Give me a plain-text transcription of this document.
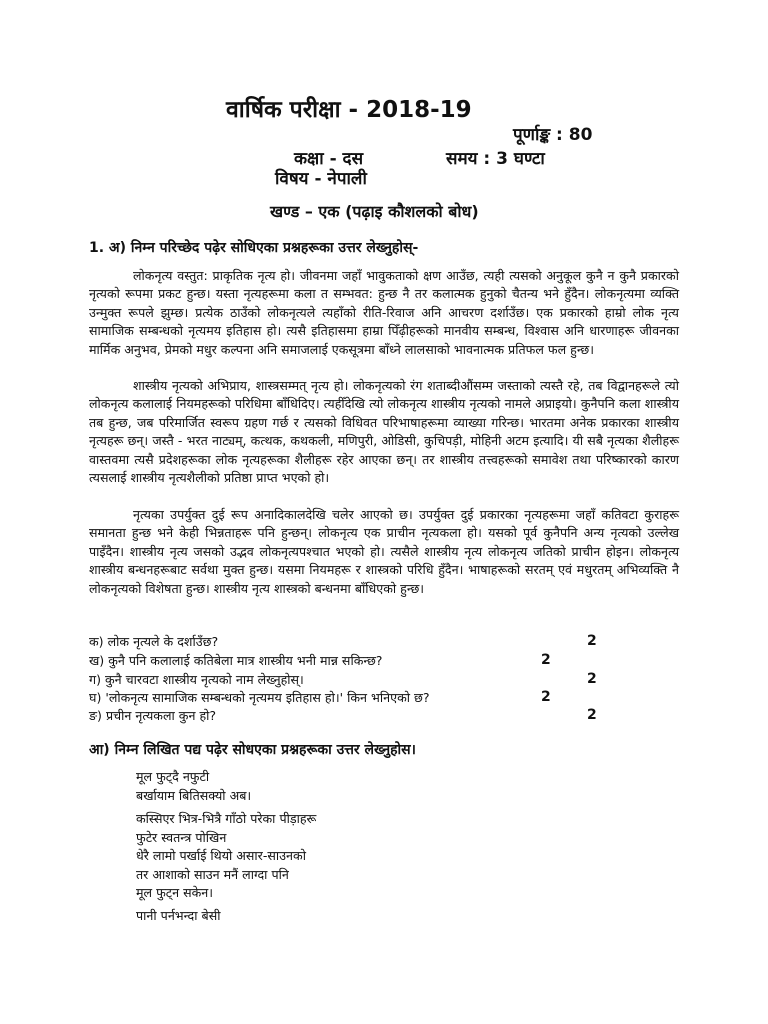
वार्षिक परीक्षा - 2018-19
पूर्णाङ्क : 80
कक्षा - दस	समय : 3 घण्टा
विषय - नेपाली
खण्ड – एक (पढ़ाइ कौशलको बोध)
1. अ) निम्न परिच्छेद पढ़ेर सोधिएका प्रश्नहरूका उत्तर लेख्नुहोस्-

लोकनृत्य वस्तुत: प्राकृतिक नृत्य हो। जीवनमा जहाँ भावुकताको क्षण आउँछ, त्यही त्यसको अनुकूल कुनै न कुनै प्रकारको नृत्यको रूपमा प्रकट हुन्छ। यस्ता नृत्यहरूमा कला त सम्भवत: हुन्छ नै तर कलात्मक हुनुको चैतन्य भने हुँदैन। लोकनृत्यमा व्यक्ति उन्मुक्त रूपले झुम्छ। प्रत्येक ठाउँको लोकनृत्यले त्यहाँको रीति-रिवाज अनि आचरण दर्शाउँछ। एक प्रकारको हाम्रो लोक नृत्य सामाजिक सम्बन्धको नृत्यमय इतिहास हो। त्यसै इतिहासमा हाम्रा पिँढ़ीहरूको मानवीय सम्बन्ध, विश्वास अनि धारणाहरू जीवनका मार्मिक अनुभव, प्रेमको मधुर कल्पना अनि समाजलाई एकसूत्रमा बाँध्ने लालसाको भावनात्मक प्रतिफल फल हुन्छ।

शास्त्रीय नृत्यको अभिप्राय, शास्त्रसम्मत् नृत्य हो। लोकनृत्यको रंग शताब्दीऔंसम्म जस्ताको त्यस्तै रहे, तब विद्वानहरूले त्यो लोकनृत्य कलालाई नियमहरूको परिधिमा बाँधिदिए। त्यहीँदेखि त्यो लोकनृत्य शास्त्रीय नृत्यको नामले अप्राइयो। कुनैपनि कला शास्त्रीय तब हुन्छ, जब परिमार्जित स्वरूप ग्रहण गर्छ र त्यसको विधिवत परिभाषाहरूमा व्याख्या गरिन्छ। भारतमा अनेक प्रकारका शास्त्रीय नृत्यहरू छन्। जस्तै - भरत नाट्यम्, कत्थक, कथकली, मणिपुरी, ओडिसी, कुचिपड़ी, मोहिनी अटम इत्यादि। यी सबै नृत्यका शैलीहरू वास्तवमा त्यसै प्रदेशहरूका लोक नृत्यहरूका शैलीहरू रहेर आएका छन्। तर शास्त्रीय तत्त्वहरूको समावेश तथा परिष्कारको कारण त्यसलाई शास्त्रीय नृत्यशैलीको प्रतिष्ठा प्राप्त भएको हो।

नृत्यका उपर्युक्त दुई रूप अनादिकालदेखि चलेर आएको छ। उपर्युक्त दुई प्रकारका नृत्यहरूमा जहाँ कतिवटा कुराहरू समानता हुन्छ भने केही भिन्नताहरू पनि हुन्छन्। लोकनृत्य एक प्राचीन नृत्यकला हो। यसको पूर्व कुनैपनि अन्य नृत्यको उल्लेख पाइँदैन। शास्त्रीय नृत्य जसको उद्भव लोकनृत्यपश्चात भएको हो। त्यसैले शास्त्रीय नृत्य लोकनृत्य जतिको प्राचीन होइन। लोकनृत्य शास्त्रीय बन्धनहरूबाट सर्वथा मुक्त हुन्छ। यसमा नियमहरू र शास्त्रको परिधि हुँदैन। भाषाहरूको सरतम् एवं मधुरतम् अभिव्यक्ति नै लोकनृत्यको विशेषता हुन्छ। शास्त्रीय नृत्य शास्त्रको बन्धनमा बाँधिएको हुन्छ।

क) लोक नृत्यले के दर्शाउँछ?	2
ख) कुनै पनि कलालाई कतिबेला मात्र शास्त्रीय भनी मान्न सकिन्छ?	2
ग) कुनै चारवटा शास्त्रीय नृत्यको नाम लेख्नुहोस्।	2
घ) 'लोकनृत्य सामाजिक सम्बन्धको नृत्यमय इतिहास हो।' किन भनिएको छ?	2
ङ) प्रचीन नृत्यकला कुन हो?	2
आ) निम्न लिखित पद्य पढ़ेर सोधएका प्रश्नहरूका उत्तर लेख्नुहोस।
मूल फुट्दै नफुटी
बर्खायाम बितिसक्यो अब।
कस्सिएर भित्र-भित्रै गाँठो परेका पीड़ाहरू
फुटेर स्वतन्त्र पोखिन
धेरै लामो पर्खाई थियो असार-साउनको
तर आशाको साउन मनैं लाग्दा पनि
मूल फुट्न सकेन।
पानी पर्नभन्दा बेसी
